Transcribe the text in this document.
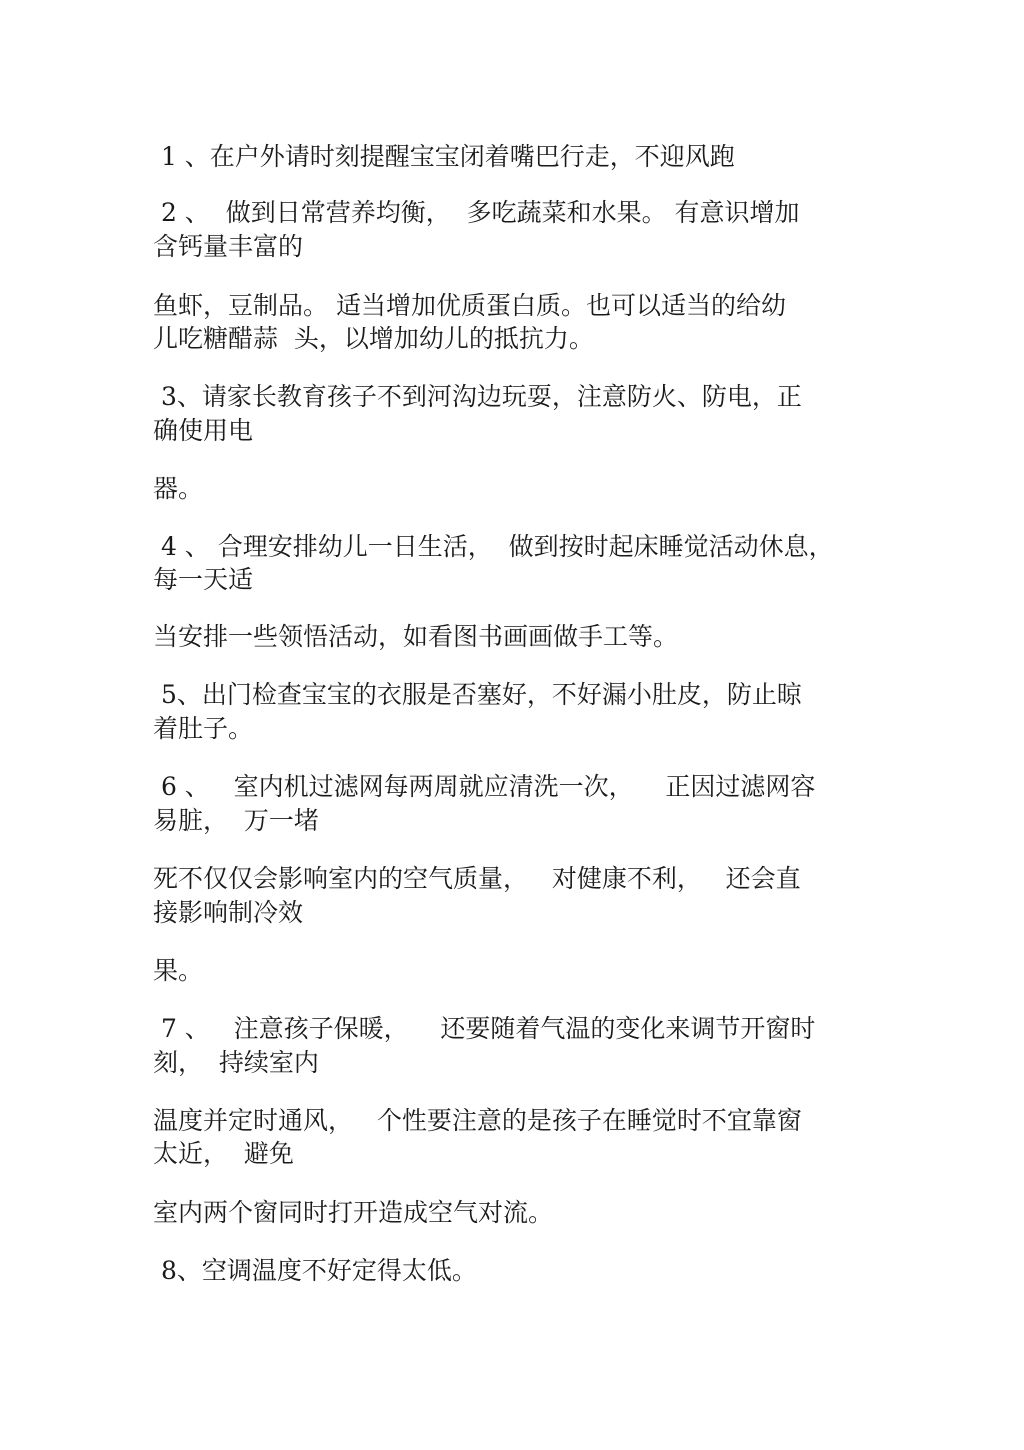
1 、在户外请时刻提醒宝宝闭着嘴巴行走，不迎风跑

2 、  做到日常营养均衡，  多吃蔬菜和水果。 有意识增加

含钙量丰富的

鱼虾，豆制品。 适当增加优质蛋白质。也可以适当的给幼

儿吃糖醋蒜  头，以增加幼儿的抵抗力。

3、请家长教育孩子不到河沟边玩耍，注意防火、防电，正

确使用电

器。

4 、 合理安排幼儿一日生活，  做到按时起床睡觉活动休息，

每一天适

当安排一些领悟活动，如看图书画画做手工等。

5、出门检查宝宝的衣服是否塞好，不好漏小肚皮，防止晾

着肚子。

6 、   室内机过滤网每两周就应清洗一次，    正因过滤网容

易脏，  万一堵

死不仅仅会影响室内的空气质量，   对健康不利，   还会直

接影响制冷效

果。

7 、   注意孩子保暖，    还要随着气温的变化来调节开窗时

刻，  持续室内

温度并定时通风，   个性要注意的是孩子在睡觉时不宜靠窗

太近，  避免

室内两个窗同时打开造成空气对流。

8、空调温度不好定得太低。
